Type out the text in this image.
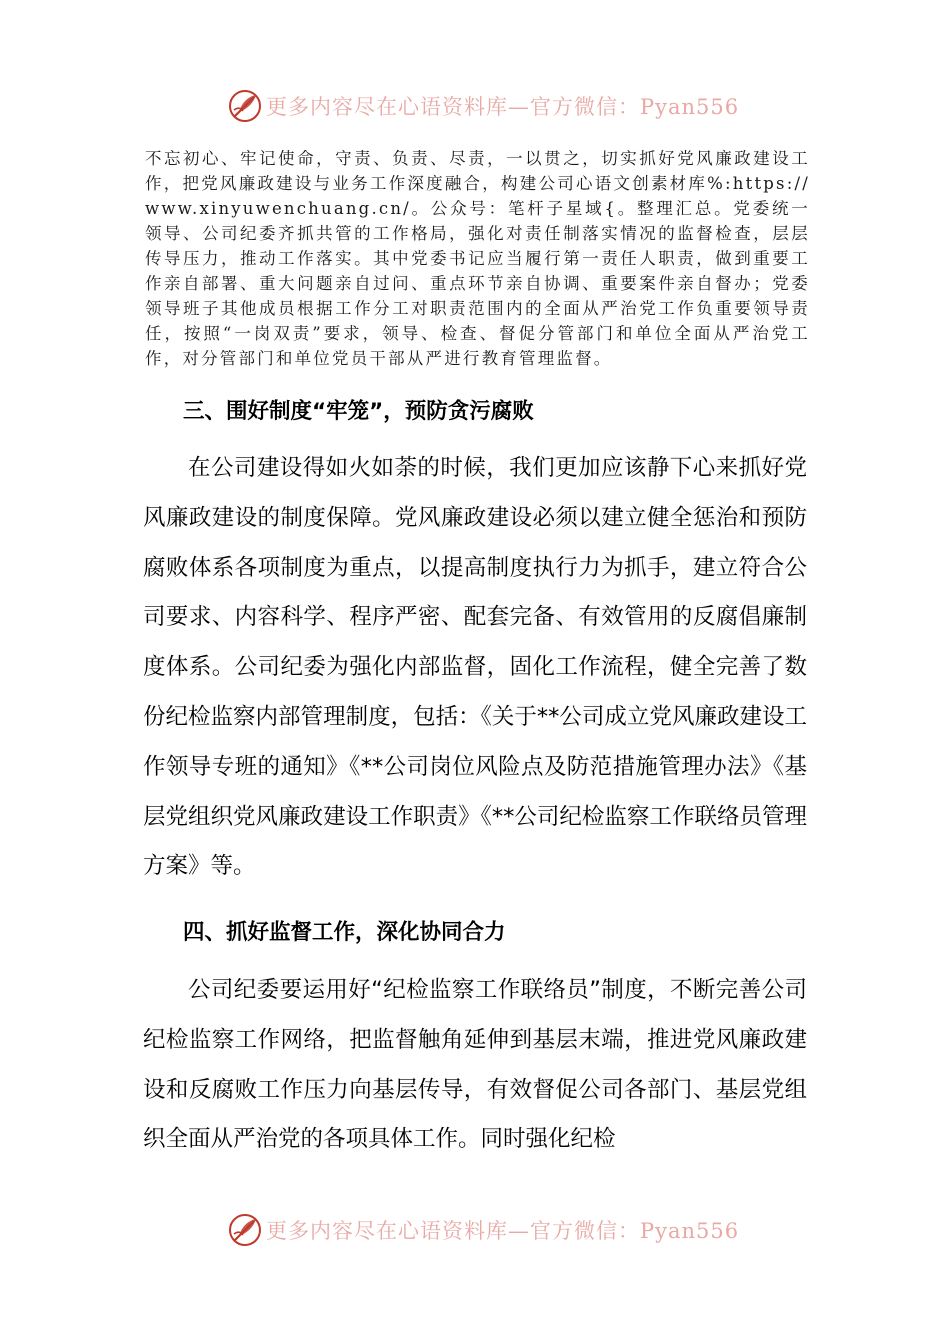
更多内容尽在心语资料库—官方微信：Pyan556
不忘初心、牢记使命，守责、负责、尽责，一以贯之，切实抓好党风廉政建设工作，把党风廉政建设与业务工作深度融合，构建公司心语文创素材库%:https://www.xinyuwenchuang.cn/。公众号：笔杆子星域{。整理汇总。党委统一领导、公司纪委齐抓共管的工作格局，强化对责任制落实情况的监督检查，层层传导压力，推动工作落实。其中党委书记应当履行第一责任人职责，做到重要工作亲自部署、重大问题亲自过问、重点环节亲自协调、重要案件亲自督办；党委领导班子其他成员根据工作分工对职责范围内的全面从严治党工作负重要领导责任，按照“一岗双责”要求，领导、检查、督促分管部门和单位全面从严治党工作，对分管部门和单位党员干部从严进行教育管理监督。
三、围好制度“牢笼”，预防贪污腐败

在公司建设得如火如荼的时候，我们更加应该静下心来抓好党风廉政建设的制度保障。党风廉政建设必须以建立健全惩治和预防腐败体系各项制度为重点，以提高制度执行力为抓手，建立符合公司要求、内容科学、程序严密、配套完备、有效管用的反腐倡廉制度体系。公司纪委为强化内部监督，固化工作流程，健全完善了数份纪检监察内部管理制度，包括：《关于**公司成立党风廉政建设工作领导专班的通知》《**公司岗位风险点及防范措施管理办法》《基层党组织党风廉政建设工作职责》《**公司纪检监察工作联络员管理方案》等。

四、抓好监督工作，深化协同合力

公司纪委要运用好“纪检监察工作联络员”制度，不断完善公司纪检监察工作网络，把监督触角延伸到基层末端，推进党风廉政建设和反腐败工作压力向基层传导，有效督促公司各部门、基层党组织全面从严治党的各项具体工作。同时强化纪检

更多内容尽在心语资料库—官方微信：Pyan556
